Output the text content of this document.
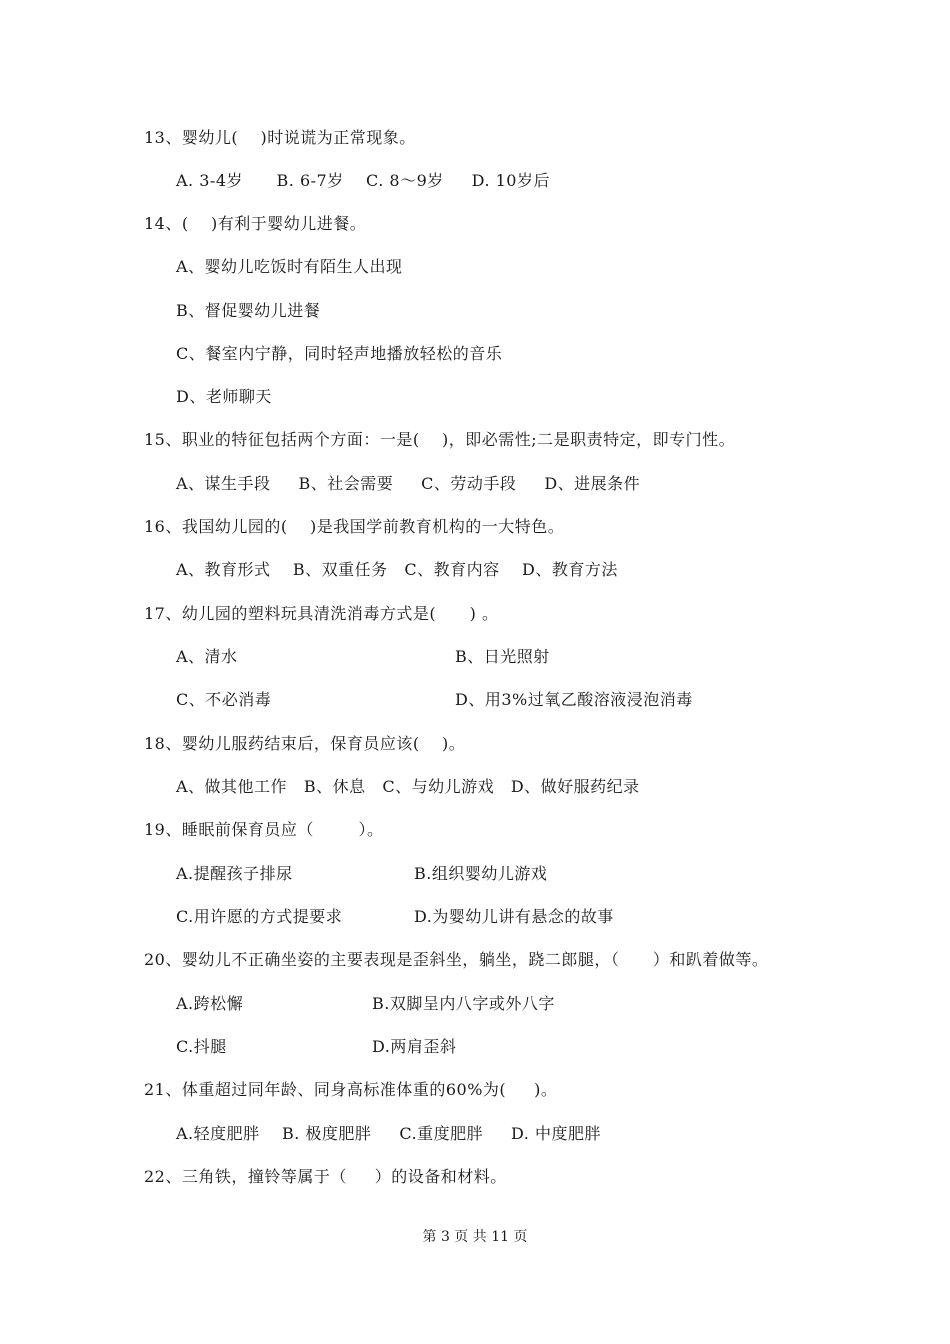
13、婴幼儿(    )时说谎为正常现象。
A. 3-4岁      B. 6-7岁    C. 8～9岁     D. 10岁后
14、(    )有利于婴幼儿进餐。
A、婴幼儿吃饭时有陌生人出现
B、督促婴幼儿进餐
C、餐室内宁静，同时轻声地播放轻松的音乐
D、老师聊天
15、职业的特征包括两个方面：一是(    )，即必需性;二是职责特定，即专门性。
A、谋生手段     B、社会需要     C、劳动手段     D、进展条件
16、我国幼儿园的(    )是我国学前教育机构的一大特色。
A、教育形式    B、双重任务   C、教育内容    D、教育方法
17、幼儿园的塑料玩具清洗消毒方式是(      ) 。
A、清水	B、日光照射
C、不必消毒	D、用3%过氧乙酸溶液浸泡消毒
18、婴幼儿服药结束后，保育员应该(    )。
A、做其他工作   B、休息   C、与幼儿游戏   D、做好服药纪录
19、睡眠前保育员应（        ）。
A.提醒孩子排尿	B.组织婴幼儿游戏
C.用许愿的方式提要求	D.为婴幼儿讲有悬念的故事
20、婴幼儿不正确坐姿的主要表现是歪斜坐，躺坐，跷二郎腿，（      ）和趴着做等。
A.跨松懈	B.双脚呈内八字或外八字
C.抖腿	D.两肩歪斜
21、体重超过同年龄、同身高标准体重的60%为(     )。
A.轻度肥胖    B. 极度肥胖     C.重度肥胖     D. 中度肥胖
22、三角铁，撞铃等属于（     ）的设备和材料。
第 3 页 共 11 页
